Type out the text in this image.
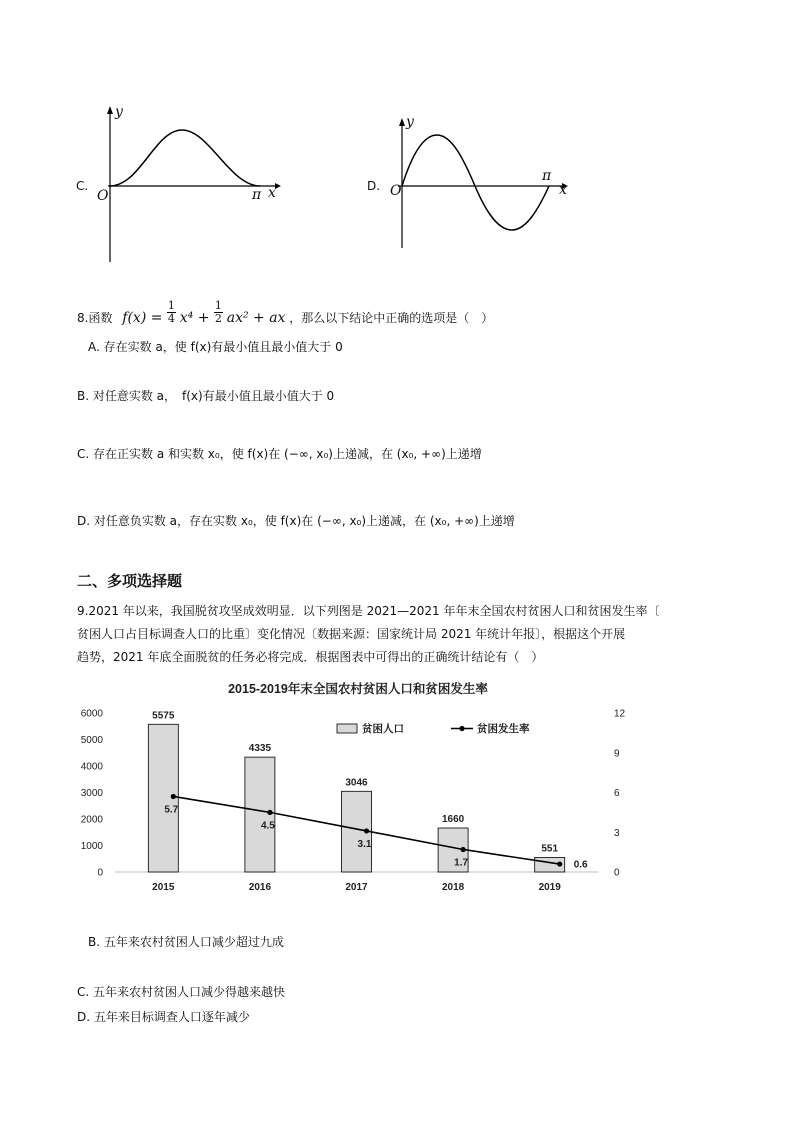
C.
y
O	π x	D.
y
O
π
x
8.函数 $f(x) = \frac{1}{4} x^4 + \frac{1}{2} ax^2$ + ax ，那么以下结论中正确的选项是（　）
A. 存在实数 a，使 f(x)有最小值且最小值大于 0
B. 对任意实数 a，　f(x)有最小值且最小值大于 0
C. 存在正实数 a 和实数 x₀，使 f(x)在 (−∞, x₀)上递减，在 (x₀, +∞)上递增
D. 对任意负实数 a，存在实数 x₀，使 f(x)在 (−∞, x₀)上递减，在 (x₀, +∞)上递增
二、多项选择题
9.2021 年以来，我国脱贫攻坚成效明显．以下列图是 2021—2021 年年末全国农村贫困人口和贫困发生率〔
贫困人口占目标调查人口的比重〕变化情况〔数据来源：国家统计局 2021 年统计年报〕，根据这个开展
趋势，2021 年底全面脱贫的任务必将完成．根据图表中可得出的正确统计结论有（　）
2015-2019年末全国农村贫困人口和贫困发生率
0
1000
2000
3000
4000
5000
6000
0
3
6
9
12
5575
4335
3046
1660
551
2015	2016	2017	2018	2019
5.7
4.5
3.1
1.7	0.6
贫困人口	贫困发生率
B. 五年来农村贫困人口减少超过九成
C. 五年来农村贫困人口减少得越来越快
D. 五年来目标调查人口逐年减少
